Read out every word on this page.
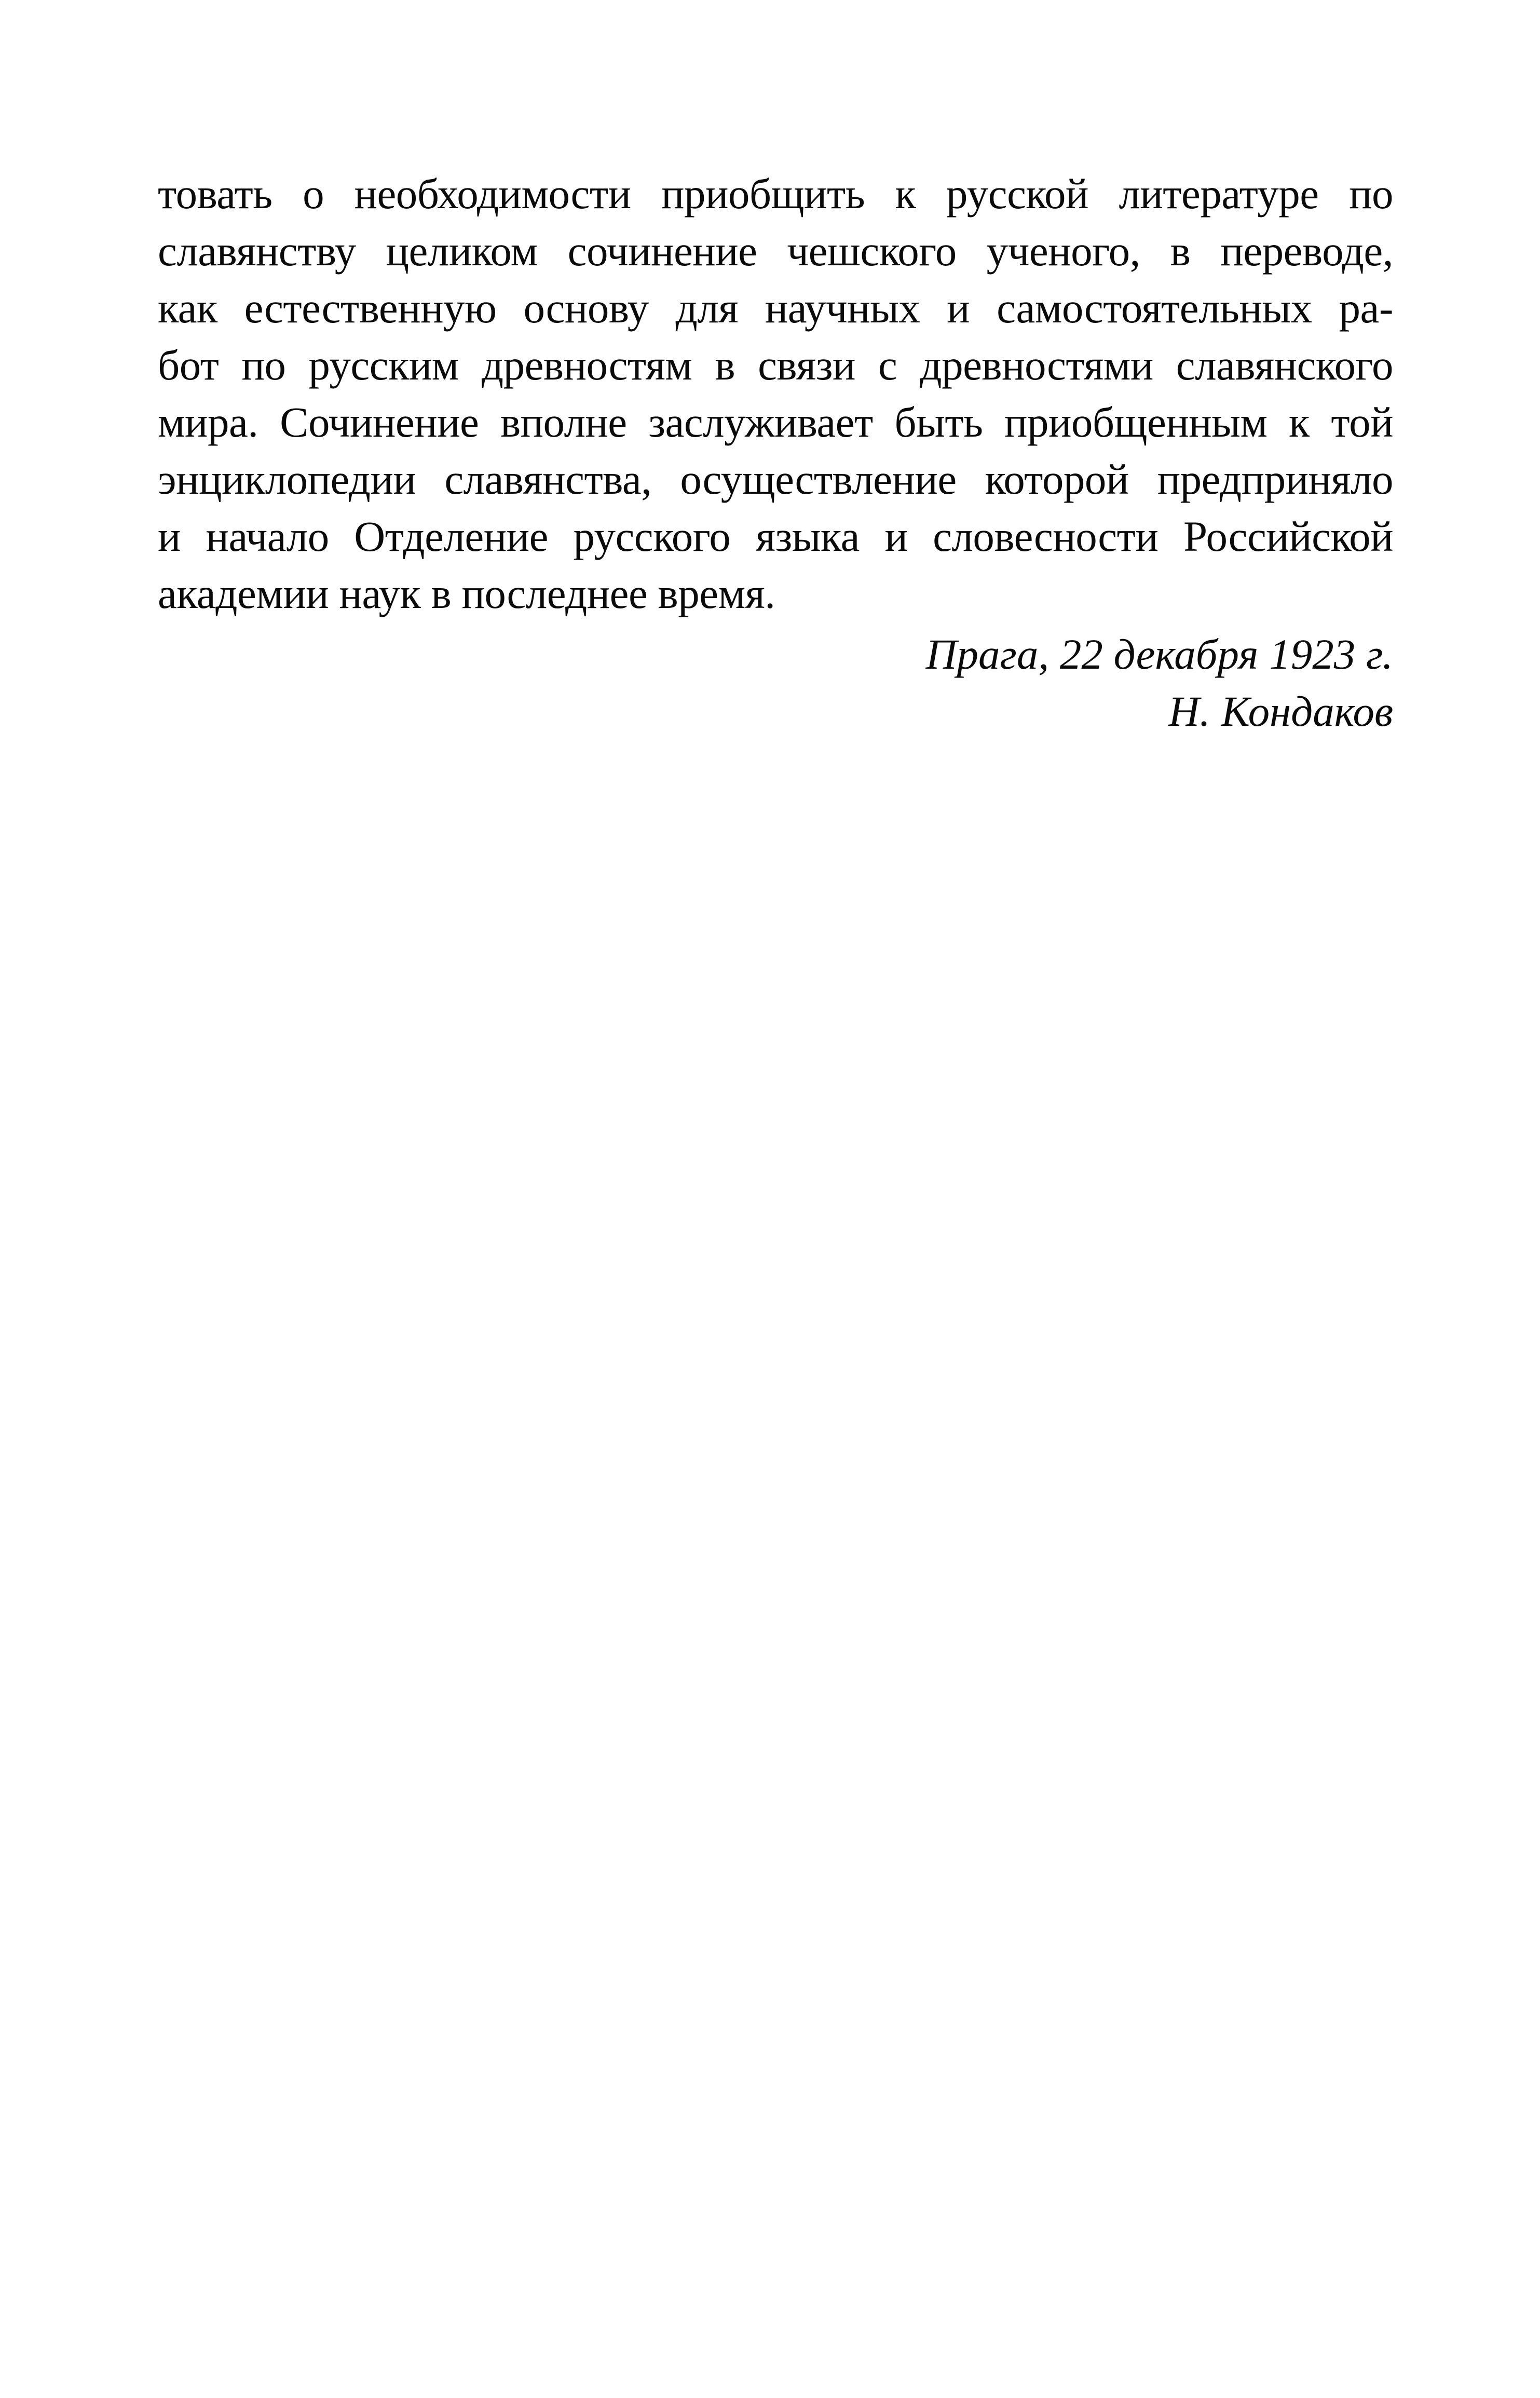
товать о необходимости приобщить к русской литературе по
славянству целиком сочинение чешского ученого, в переводе,
как естественную основу для научных и самостоятельных ра-
бот по русским древностям в связи с древностями славянского
мира. Сочинение вполне заслуживает быть приобщенным к той
энциклопедии славянства, осуществление которой предприняло
и начало Отделение русского языка и словесности Российской
академии наук в последнее время.
Прага, 22 декабря 1923 г.
Н. Кондаков
